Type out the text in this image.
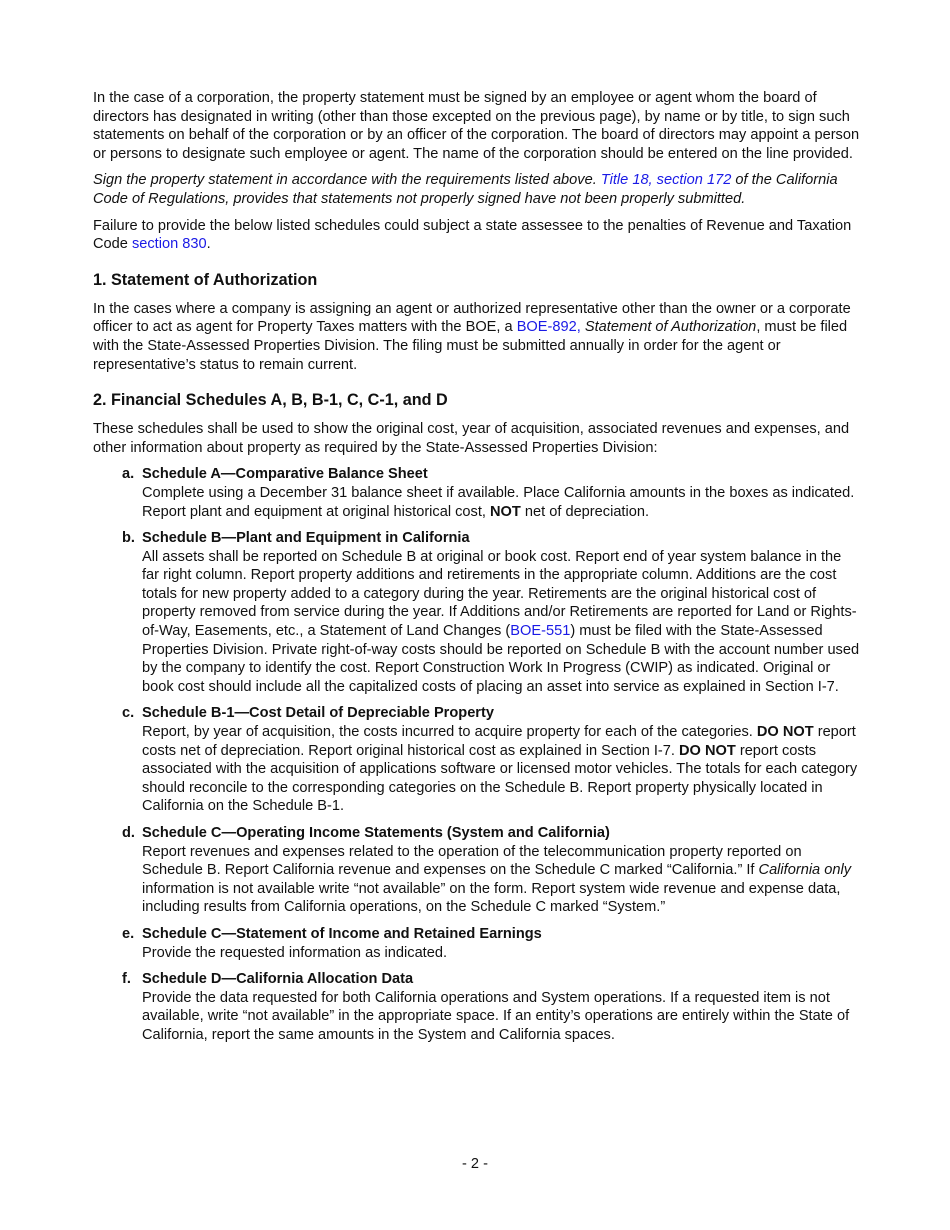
In the case of a corporation, the property statement must be signed by an employee or agent whom the board of directors has designated in writing (other than those excepted on the previous page), by name or by title, to sign such statements on behalf of the corporation or by an officer of the corporation. The board of directors may appoint a person or persons to designate such employee or agent. The name of the corporation should be entered on the line provided.

Sign the property statement in accordance with the requirements listed above. Title 18, section 172 of the California Code of Regulations, provides that statements not properly signed have not been properly submitted.

Failure to provide the below listed schedules could subject a state assessee to the penalties of Revenue and Taxation Code section 830.

1. Statement of Authorization

In the cases where a company is assigning an agent or authorized representative other than the owner or a corporate officer to act as agent for Property Taxes matters with the BOE, a BOE-892, Statement of Authorization, must be filed with the State-Assessed Properties Division. The filing must be submitted annually in order for the agent or representative’s status to remain current.

2. Financial Schedules A, B, B-1, C, C-1, and D

These schedules shall be used to show the original cost, year of acquisition, associated revenues and expenses, and other information about property as required by the State-Assessed Properties Division:

a. Schedule A—Comparative Balance Sheet
Complete using a December 31 balance sheet if available. Place California amounts in the boxes as indicated. Report plant and equipment at original historical cost, NOT net of depreciation.
b. Schedule B—Plant and Equipment in California
All assets shall be reported on Schedule B at original or book cost. Report end of year system balance in the far right column. Report property additions and retirements in the appropriate column. Additions are the cost totals for new property added to a category during the year. Retirements are the original historical cost of property removed from service during the year. If Additions and/or Retirements are reported for Land or Rights-of-Way, Easements, etc., a Statement of Land Changes (BOE-551) must be filed with the State-Assessed Properties Division. Private right-of-way costs should be reported on Schedule B with the account number used by the company to identify the cost. Report Construction Work In Progress (CWIP) as indicated. Original or book cost should include all the capitalized costs of placing an asset into service as explained in Section I-7.
c. Schedule B-1—Cost Detail of Depreciable Property
Report, by year of acquisition, the costs incurred to acquire property for each of the categories. DO NOT report costs net of depreciation. Report original historical cost as explained in Section I-7. DO NOT report costs associated with the acquisition of applications software or licensed motor vehicles. The totals for each category should reconcile to the corresponding categories on the Schedule B. Report property physically located in California on the Schedule B-1.
d. Schedule C—Operating Income Statements (System and California)
Report revenues and expenses related to the operation of the telecommunication property reported on Schedule B. Report California revenue and expenses on the Schedule C marked “California.” If California only information is not available write “not available” on the form. Report system wide revenue and expense data, including results from California operations, on the Schedule C marked “System.”
e. Schedule C—Statement of Income and Retained Earnings
Provide the requested information as indicated.
f. Schedule D—California Allocation Data
Provide the data requested for both California operations and System operations. If a requested item is not available, write “not available” in the appropriate space. If an entity’s operations are entirely within the State of California, report the same amounts in the System and California spaces.
- 2 -
